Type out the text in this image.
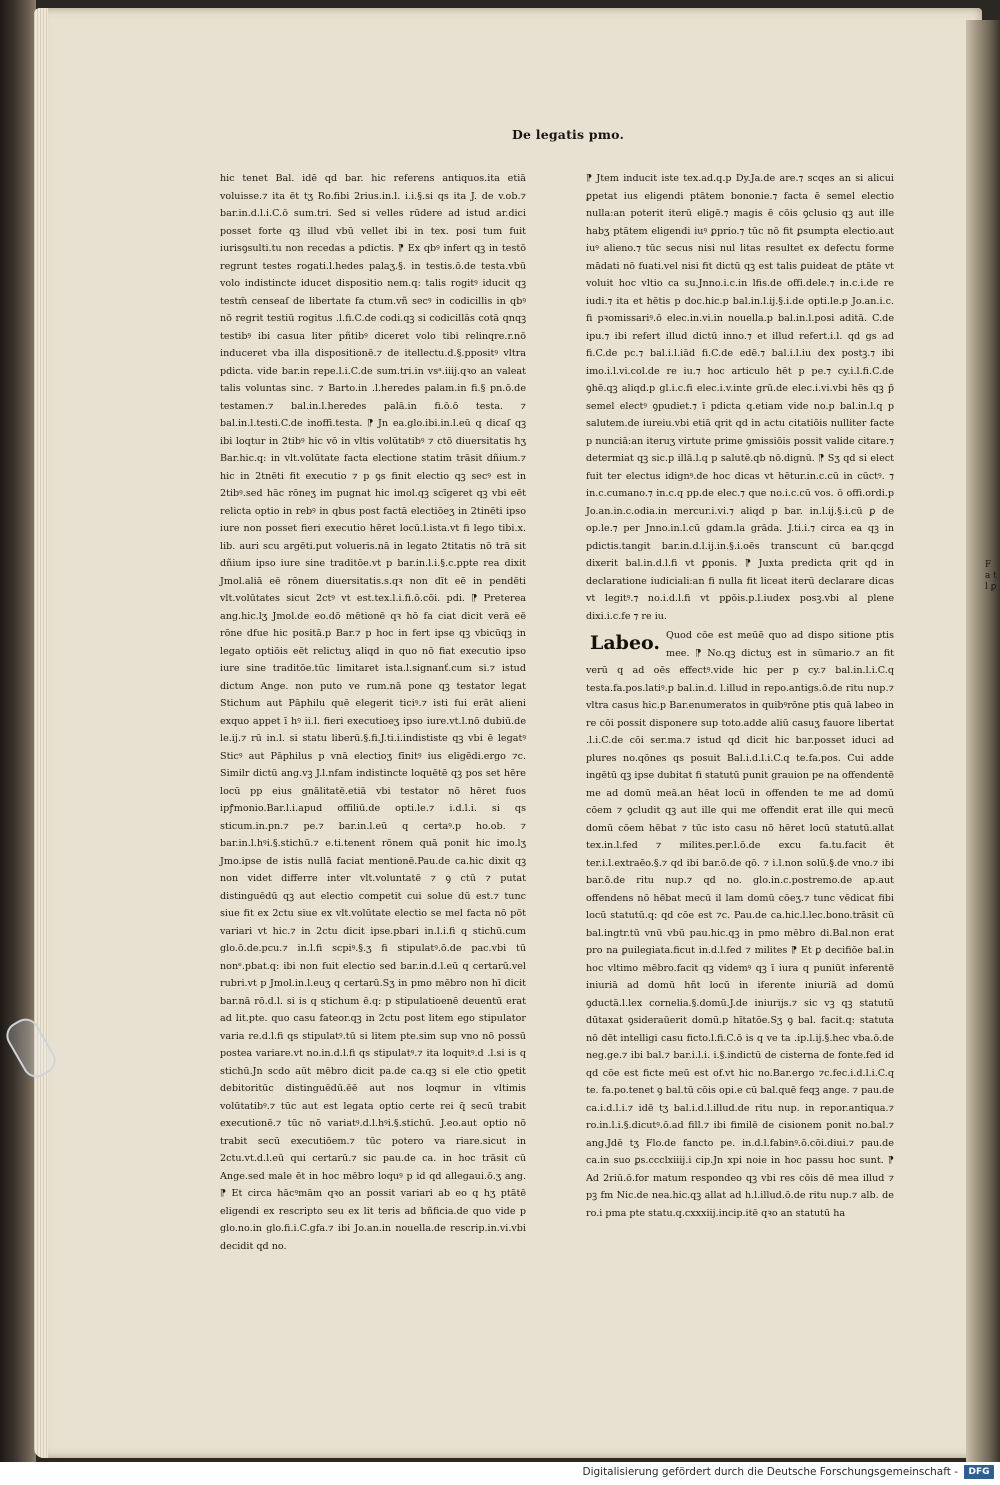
F a t l ꝑ
De legatis pmo.

hic tenet Bal. idē qd bar. hic referens antiquos.ita etiā voluisse.⁊ ita ēt tʒ Ro.fibi 2rius.in.l. i.i.§.si qs ita J. de v.ob.⁊ bar.in.d.l.i.C.ō sum.tri. Sed si velles rūdere ad istud ar.dici posset forte qꝫ illud vbū vellet ibi in tex. posi tum fuit iurisꝯsulti.tu non recedas a pdictis. ⁋ Ex qbꝰ infert qꝫ in testō regrunt testes rogati.l.hedes palaʒ.§. in testis.ō.de testa.vbū volo indistincte iducet dispositio nem.q: talis rogitꝰ iducit qꝫ testm̄ censeaſ de libertate fa ctum.vñ secꝰ in codicillis in qbꝰ nō regrit testiū rogitus .l.fi.C.de codi.qꝫ si codicillās cotā qnqꝫ testibꝰ ibi casua liter pñtibꝰ diceret volo tibi relinqre.r.nō induceret vba illa dispositionē.⁊ de itellectu.d.§.ppositꝰ vltra pdicta. vide bar.in repe.l.i.C.de sum.tri.in vsᵃ.iiij.qꝛo an valeat talis voluntas sinc. ⁊ Barto.in .l.heredes palam.in fi.§ pn.ō.de testamen.⁊ bal.in.l.heredes palā.in fi.ō.ō testa. ⁊ bal.in.l.testi.C.de inoffi.testa. ⁋ Jn ea.glo.ibi.in.l.eū q dicaſ qꝫ ibi loqtur in 2tibꝰ hic vō in vltis volūtatibꝰ ⁊ ctō diuersitatis hʒ Bar.hic.q: in vlt.volūtate facta electione statim trāsit dñium.⁊ hic in 2tnēti fit executio ⁊ p ꝯs finit electio qꝫ secꝰ est in 2tibꝰ.sed hāc rōneʒ im pugnat hic imol.qꝫ scīgeret qꝫ vbi eēt relicta optio in rebꝰ in qbus post factā electiōeʒ in 2tinēti ipso iure non posset fieri executio hēret locū.l.ista.vt fi lego tibi.x. lib. auri scu argēti.put volueris.nā in legato 2titatis nō trā sit dñium ipso iure sine traditōe.vt p bar.in.l.i.§.c.ppte rea dixit Jmol.aliā eē rōnem diuersitatis.s.qꝛ non dīt eē in pendēti vlt.volūtates sicut 2ctꝰ vt est.tex.l.i.fi.ō.cōi. pdi. ⁋ Preterea ang.hic.lʒ Jmol.de eo.dō mētionē qꝛ hō fa ciat dicit verā eē rōne dfue hic positā.p Bar.⁊ p hoc in fert ipse qꝫ vbicūqꝫ in legato optiōis eēt relictuʒ aliqd in quo nō fiat executio ipso iure sine traditōe.tūc limitaret ista.l.signanť.cum si.⁊ istud dictum Ange. non puto ve rum.nā pone qꝫ testator legat Stichum aut Pāphilu quē elegerit ticiꝰ.⁊ isti fui erāt alieni exquo appet ī hꝰ ii.l. fieri executioeʒ ipso iure.vt.l.nō dubiū.de le.ij.⁊ rū in.l. si statu liberū.§.fi.J.ti.i.indististe qꝫ vbi ē legatꝰ Sticꝰ aut Pāphilus p vnā electioʒ fīnitꝰ ius eligēdi.ergo ⁊c. Similr dictū ang.vꝫ J.l.nfam indistincte loquētē qꝫ pos set hēre locū pp eius gnālitatē.etiā vbi testator nō hēret fuos ipꝭmonio.Bar.l.i.apud offiliū.de opti.le.⁊ i.d.l.i. si qs sticum.in.pn.⁊ pe.⁊ bar.in.l.eū q certaꝰ.p ho.ob. ⁊ bar.in.l.hꝰi.§.stichū.⁊ e.ti.tenent rōnem quā ponit hic imo.lʒ Jmo.ipse de istis nullā faciat mentionē.Pau.de ca.hic dixit qꝫ non videt differre inter vlt.voluntatē ⁊ ꝯ ctū ⁊ putat distinguēdū qꝫ aut electio competit cui solue dū est.⁊ tunc siue fit ex 2ctu siue ex vlt.volūtate electio se mel facta nō pōt variari vt hic.⁊ in 2ctu dicit ipse.pbari in.l.i.fi q stichū.cum glo.ō.de.pcu.⁊ in.l.fi scpiꝰ.§.ʒ fi stipulatꝰ.ō.de pac.vbi tū nonᵉ.pbat.q: ibi non fuit electio sed bar.in.d.l.eū q certarū.vel rubri.vt p Jmol.in.l.euʒ q certarū.Sʒ in pmo mēbro non hī dicit bar.nā rō.d.l. si is q stichum ē.q: p stipulatioenē deuentū erat ad lit.pte. quo casu fateor.qꝫ in 2ctu post litem ego stipulator varia re.d.l.fi qs stipulatꝰ.tū si litem pte.sim sup vno nō possū postea variare.vt no.in.d.l.fi qs stipulatꝰ.⁊ ita loquitꝰ.d .l.si is q stichū.Jn scdo aūt mēbro dicit pa.de ca.qꝫ si ele ctio ꝯpetit debitoritūc distinguēdū.ēē aut nos loqmur in vltimis volūtatibꝰ.⁊ tūc aut est legata optio certe rei q̄ secū trabit executionē.⁊ tūc nō variatꝰ.d.l.hꝰi.§.stichū. J.eo.aut optio nō trabit secū executiōem.⁊ tūc potero va riare.sicut in 2ctu.vt.d.l.eū qui certarū.⁊ sic pau.de ca. in hoc trāsit cū Ange.sed male ēt in hoc mēbro loquꝰ p id qd allegaui.ō.ʒ ang. ⁋ Et circa hācꝰmām qꝛo an possit variari ab eo q hʒ ptātē eligendi ex rescripto seu ex lit teris ad bñficia.de quo vide p glo.no.in glo.fi.i.C.gfa.⁊ ibi Jo.an.in nouella.de rescrip.in.vi.vbi decidit qd no.

⁋ Jtem inducit iste tex.ad.q.p Dy.Ja.de are.⁊ scqes an si alicui ꝑpetat ius eligendi ptātem bononie.⁊ facta ē semel electio nulla:an poterit iterū eligē.⁊ magis ē cōis ꝯclusio qꝫ aut ille habʒ ptātem eligendi iuꝰ ꝑprio.⁊ tūc nō fit ꝑsumpta electio.aut iuꝰ alieno.⁊ tūc secus nisi nul litas resultet ex defectu forme mādati nō fuati.vel nisi fit dictū qꝫ est talis ꝑuideat de ptāte vt voluit hoc vltio ca su.Jnno.i.c.in lfis.de offi.dele.⁊ in.c.i.de re iudi.⁊ ita et hētis p doc.hic.p bal.in.l.ij.§.i.de opti.le.p Jo.an.i.c. fi pꝛomissariꝰ.ō elec.in.vi.in nouella.p bal.in.l.posi aditā. C.de ipu.⁊ ibi refert illud dictū inno.⁊ et illud refert.i.l. qd gs ad fi.C.de pc.⁊ bal.i.l.iād fi.C.de edē.⁊ bal.i.l.iu dex postꝫ.⁊ ibi imo.i.l.vi.col.de re iu.⁊ hoc articulo hēt p pe.⁊ cy.i.l.fi.C.de ꝯhē.qꝫ aliqd.p gl.i.c.fi elec.i.v.inte grū.de elec.i.vi.vbi hēs qꝫ p̄ semel electꝰ ꝯpudiet.⁊ ī pdicta q.etiam vide no.p bal.in.l.q p salutem.de iureiu.vbi etiā qrit qd in actu citatiōis nulliter facte p nunciā:an iteruʒ virtute prime ꝯmissiōis possit valide citare.⁊ determiat qꝫ sic.p illā.l.q p salutē.qb nō.dignū. ⁋ Sʒ qd si elect fuit ter electus idignꝰ.de hoc dicas vt hētur.in.c.cū in cūctꝰ. ⁊ in.c.cumano.⁊ in.c.q pp.de elec.⁊ que no.i.c.cū vos. ō offi.ordi.p Jo.an.in.c.odia.in mercur.i.vi.⁊ aliqd p bar. in.l.ij.§.i.cū ꝑ de op.le.⁊ per Jnno.in.l.cū gdam.la grāda. J.ti.i.⁊ circa ea qꝫ in pdictis.tangit bar.in.d.l.ij.in.§.i.oēs transcunt cū bar.qcgd dixerit bal.in.d.l.fi vt ꝑponis. ⁋ Juxta predicta qrit qd in declaratione iudiciali:an fi nulla fit liceat iterū declarare dicas vt legitꝰ.⁊ no.i.d.l.fi vt pꝑōis.p.l.iudex posꝫ.vbi al plene dixi.i.c.fe ⁊ re iu.

Labeo. Quod cōe est meūē quo ad dispo sitione ptis mee. ⁋ No.qꝫ dictuʒ est in sūmario.⁊ an fit verū q ad oēs effectꝰ.vide hic per p cy.⁊ bal.in.l.i.C.q testa.fa.pos.latiꝰ.p bal.in.d. l.illud in repo.antigs.ō.de ritu nup.⁊ vltra casus hic.p Bar.enumeratos in quibꝰrōne ptis quā labeo in re cōi possit disponere sup toto.adde aliū casuʒ fauore libertat .l.i.C.de cōi ser.ma.⁊ istud qd dicit hic bar.posset iduci ad plures no.qōnes qs posuit Bal.i.d.l.i.C.q te.fa.pos. Cui adde ingētū qꝫ ipse dubitat fi statutū punit grauion pe na offendentē me ad domū meā.an hēat locū in offenden te me ad domū cōem ⁊ ꝯcludit qꝫ aut ille qui me offendit erat ille qui mecū domū cōem hēbat ⁊ tūc isto casu nō hēret locū statutū.allat tex.in.l.fed ⁊ milites.per.l.ō.de excu fa.tu.facit ēt ter.i.l.extraēo.§.⁊ qd ibi bar.ō.de qō. ⁊ i.l.non solū.§.de vno.⁊ ibi bar.ō.de ritu nup.⁊ qd no. glo.in.c.postremo.de ap.aut offendens nō hēbat mecū il lam domū cōeʒ.⁊ tunc vēdicat fibi locū statutū.q: qd cōe est ⁊c. Pau.de ca.hic.l.lec.bono.trāsit cū bal.ingtr.tū vnū vbū pau.hic.qꝫ in pmo mēbro di.Bal.non erat pro na ꝑuilegiata.ficut in.d.l.fed ⁊ milites ⁋ Et ꝑ decifiōe bal.in hoc vltimo mēbro.facit qꝫ videmꝰ qꝫ ī iura q puniūt inferentē iniuriā ad domū hñt locū in iferente iniuriā ad domū ꝯductā.l.lex cornelia.§.domū.J.de iniurijs.⁊ sic vꝫ qꝫ statutū dūtaxat ꝯsideraūerit domū.p hītatōe.Sʒ ꝯ bal. facit.q: statuta nō dēt intelligi casu ficto.l.fi.C.ō is q ve ta .ip.l.ij.§.hec vba.ō.de neg.ge.⁊ ibi bal.⁊ bar.i.l.i. i.§.indictū de cisterna de fonte.fed id qd cōe est ficte meū est of.vt hic no.Bar.ergo ⁊c.fec.i.d.l.i.C.q te. fa.po.tenet ꝯ bal.tū cōis opi.e cū bal.quē feqꝫ ange. ⁊ pau.de ca.i.d.l.i.⁊ idē tʒ bal.i.d.l.illud.de ritu nup. in repor.antiqua.⁊ ro.in.l.i.§.dicutꝰ.ō.ad fill.⁊ ibi fimilē de cisionem ponit no.bal.⁊ ang.Jdē tʒ Flo.de fancto pe. in.d.l.fabinꝰ.ō.cōi.diui.⁊ pau.de ca.in suo ꝑs.ccclxiiij.i cip.Jn xpi noie in hoc passu hoc sunt. ⁋ Ad 2riū.ō.for matum respondeo qꝫ vbi res cōis dē mea illud ⁊ pꝫ fm Nic.de nea.hic.qꝫ allat ad h.l.illud.ō.de ritu nup.⁊ alb. de ro.i pma pte statu.q.cxxxiij.incip.itē qꝛo an statutū ha

Digitalisierung gefördert durch die Deutsche Forschungsgemeinschaft -	DFG
